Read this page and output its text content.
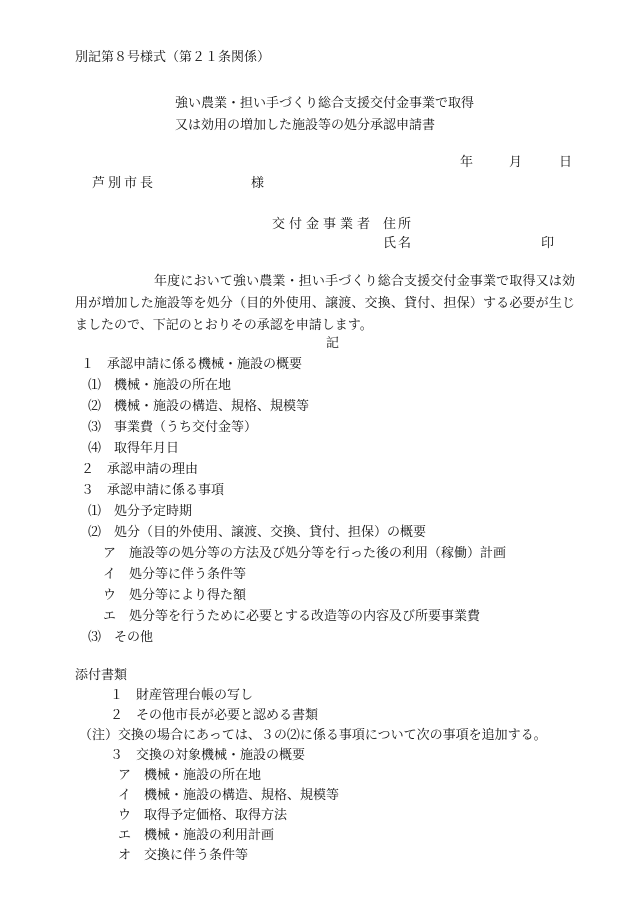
別記第８号様式（第２１条関係）
強い農業・担い手づくり総合支援交付金事業で取得
又は効用の増加した施設等の処分承認申請書
年	月	日
芦別市長	様
交付金事業者 住所
氏名	印
　　　　　　年度において強い農業・担い手づくり総合支援交付金事業で取得又は効用が増加した施設等を処分（目的外使用、譲渡、交換、貸付、担保）する必要が生じましたので、下記のとおりその承認を申請します。
記
１　承認申請に係る機械・施設の概要
⑴　機械・施設の所在地
⑵　機械・施設の構造、規格、規模等
⑶　事業費（うち交付金等）
⑷　取得年月日
２　承認申請の理由
３　承認申請に係る事項
⑴　処分予定時期
⑵　処分（目的外使用、譲渡、交換、貸付、担保）の概要
ア　施設等の処分等の方法及び処分等を行った後の利用（稼働）計画
イ　処分等に伴う条件等
ウ　処分等により得た額
エ　処分等を行うために必要とする改造等の内容及び所要事業費
⑶　その他
添付書類
１　財産管理台帳の写し
２　その他市長が必要と認める書類
（注）交換の場合にあっては、３の⑵に係る事項について次の事項を追加する。
３　交換の対象機械・施設の概要
ア　機械・施設の所在地
イ　機械・施設の構造、規格、規模等
ウ　取得予定価格、取得方法
エ　機械・施設の利用計画
オ　交換に伴う条件等
